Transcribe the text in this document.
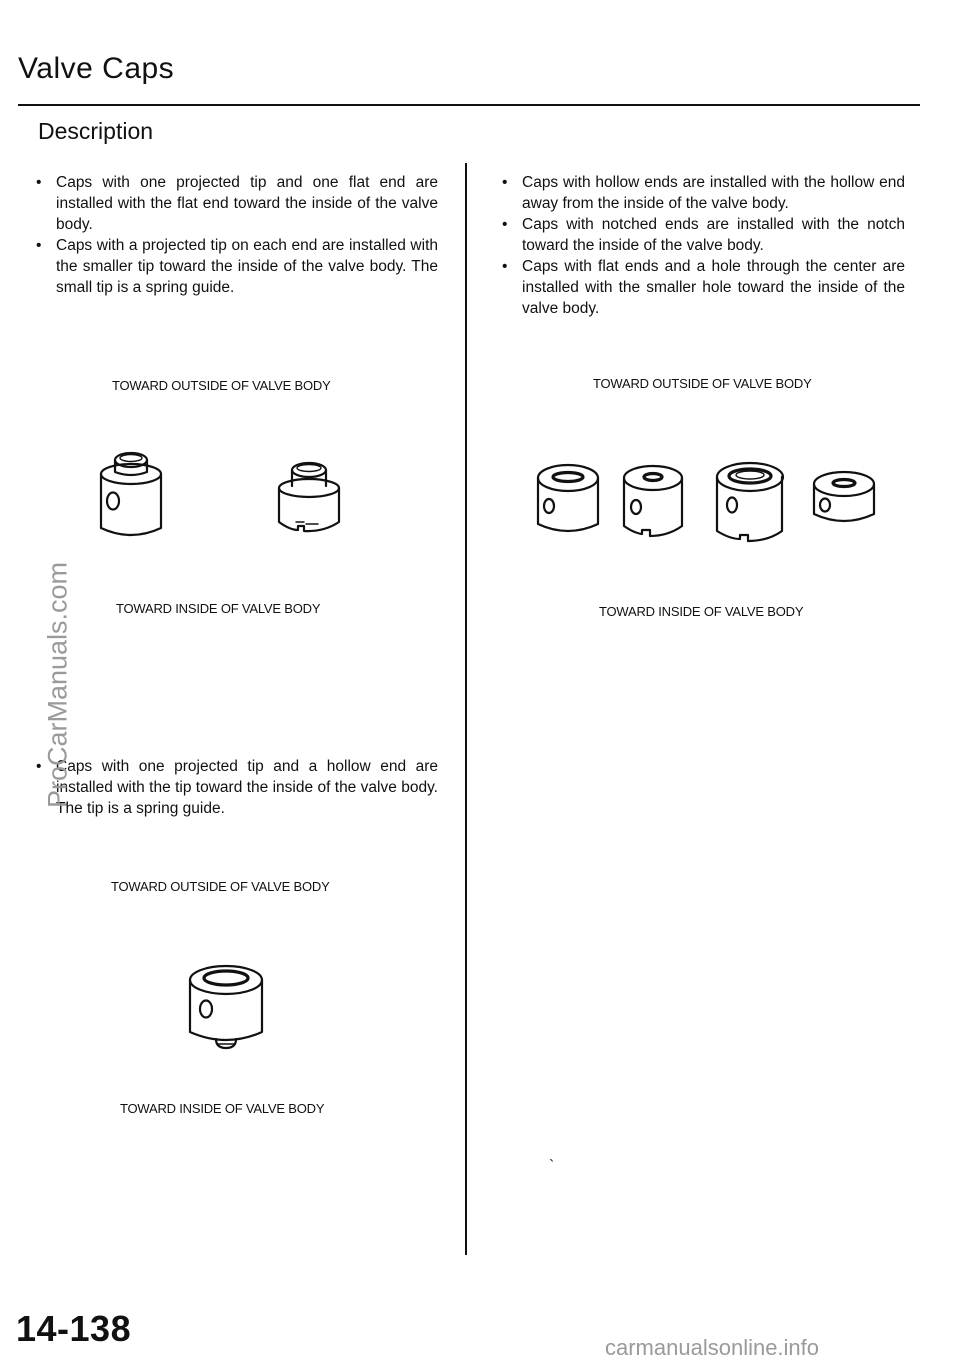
Valve Caps
Description
• Caps with one projected tip and one flat end are installed with the flat end toward the inside of the valve body.
• Caps with a projected tip on each end are installed with the smaller tip toward the inside of the valve body. The small tip is a spring guide.
TOWARD OUTSIDE OF VALVE BODY
TOWARD INSIDE OF VALVE BODY
• Caps with one projected tip and a hollow end are installed with the tip toward the inside of the valve body. The tip is a spring guide.
TOWARD OUTSIDE OF VALVE BODY
TOWARD INSIDE OF VALVE BODY
• Caps with hollow ends are installed with the hollow end away from the inside of the valve body.
• Caps with notched ends are installed with the notch toward the inside of the valve body.
• Caps with flat ends and a hole through the center are installed with the smaller hole toward the inside of the valve body.
TOWARD OUTSIDE OF VALVE BODY
TOWARD INSIDE OF VALVE BODY
`
14-138
ProCarManuals.com
carmanualsonline.info
